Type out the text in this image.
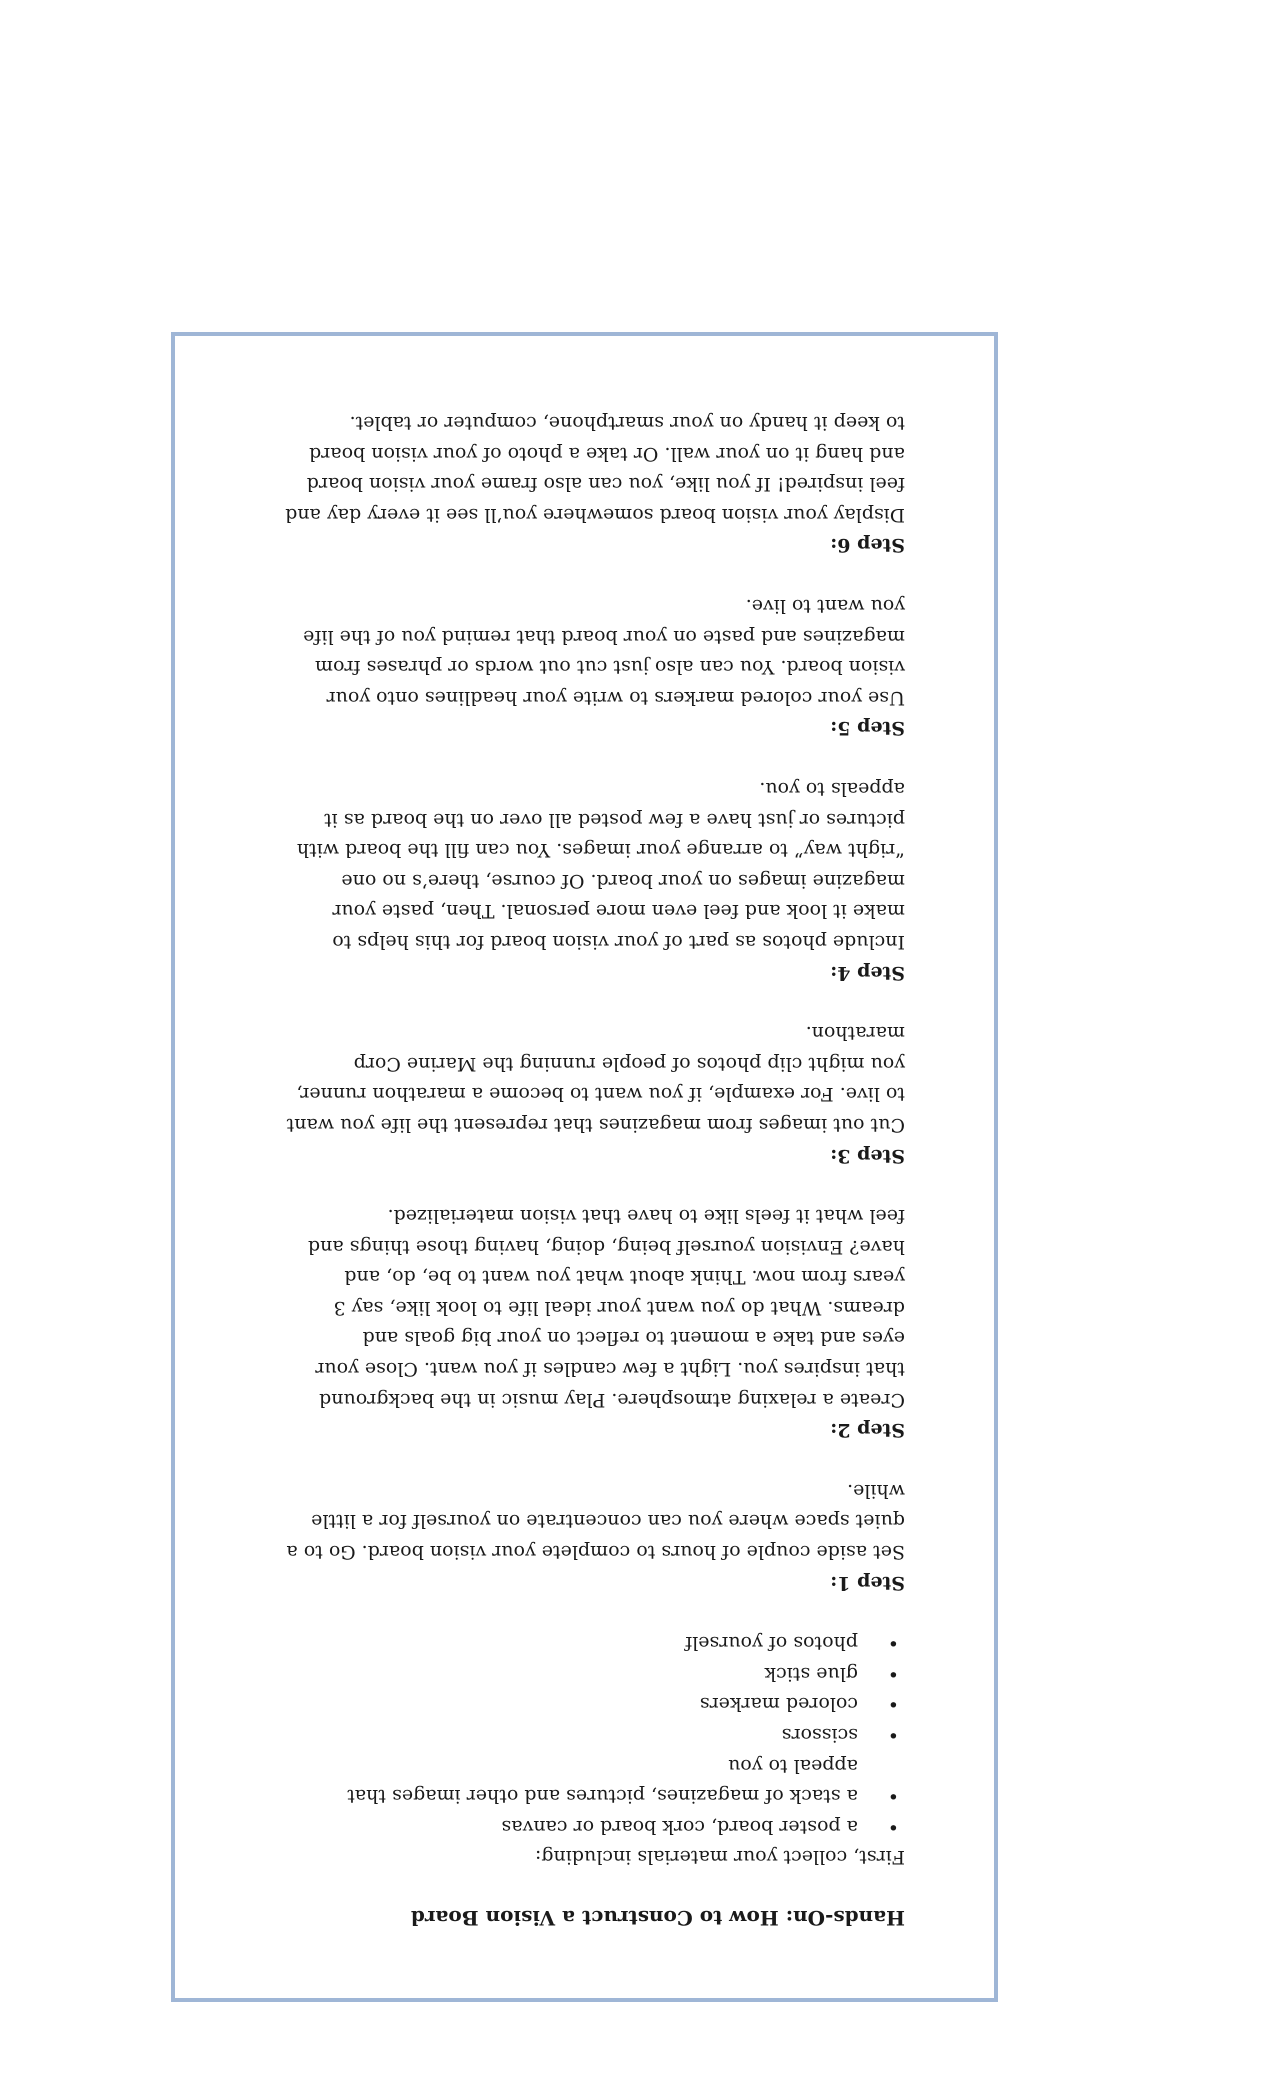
Hands-On: How to Construct a Vision Board

First, collect your materials including:

•
a poster board, cork board or canvas
•
a stack of magazines, pictures and other images that appeal to you
•
scissors
•
colored markers
•
glue stick
•
photos of yourself

Step 1:

Set aside couple of hours to complete your vision board. Go to a quiet space where you can concentrate on yourself for a little while.

Step 2:

Create a relaxing atmosphere. Play music in the background that inspires you. Light a few candles if you want. Close your eyes and take a moment to reflect on your big goals and dreams. What do you want your ideal life to look like, say 3 years from now. Think about what you want to be, do, and have? Envision yourself being, doing, having those things and feel what it feels like to have that vision materialized.

Step 3:

Cut out images from magazines that represent the life you want to live. For example, if you want to become a marathon runner, you might clip photos of people running the Marine Corp marathon.

Step 4:

Include photos as part of your vision board for this helps to make it look and feel even more personal. Then, paste your magazine images on your board. Of course, there’s no one “right way” to arrange your images. You can fill the board with pictures or just have a few posted all over on the board as it appeals to you.

Step 5:

Use your colored markers to write your headlines onto your vision board. You can also just cut out words or phrases from magazines and paste on your board that remind you of the life you want to live.

Step 6:

Display your vision board somewhere you’ll see it every day and feel inspired! If you like, you can also frame your vision board and hang it on your wall. Or take a photo of your vision board to keep it handy on your smartphone, computer or tablet.
